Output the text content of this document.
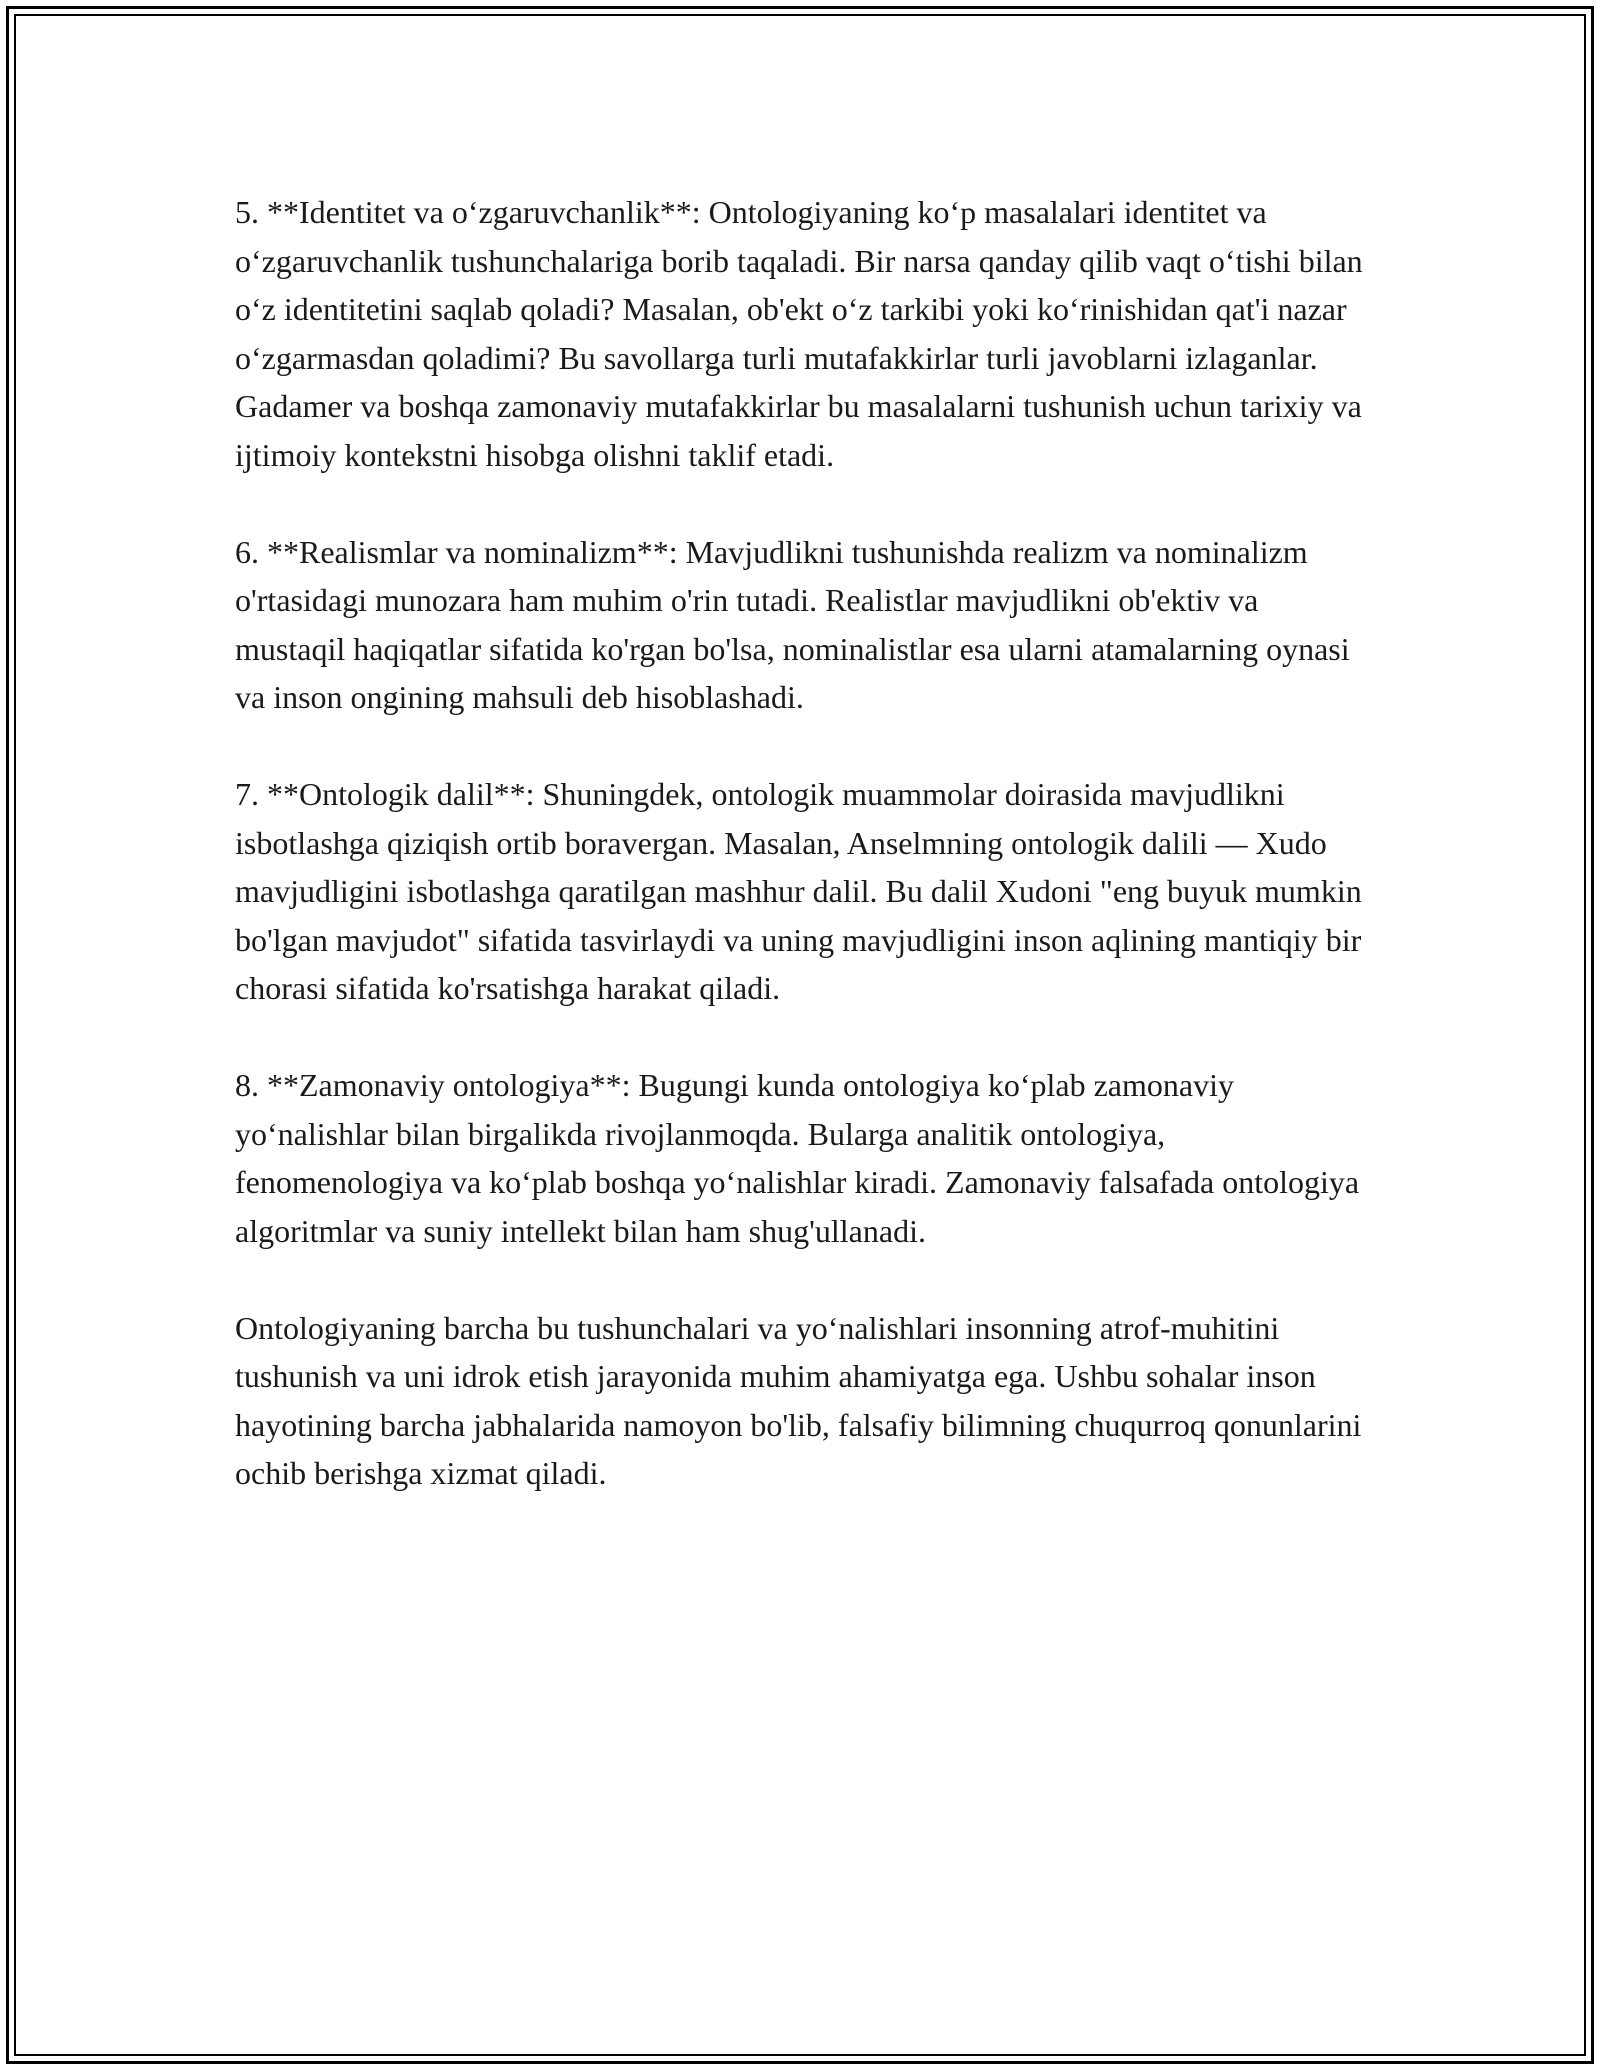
5. **Identitet va o‘zgaruvchanlik**: Ontologiyaning ko‘p masalalari identitet va o‘zgaruvchanlik tushunchalariga borib taqaladi. Bir narsa qanday qilib vaqt o‘tishi bilan o‘z identitetini saqlab qoladi? Masalan, ob'ekt o‘z tarkibi yoki ko‘rinishidan qat'i nazar o‘zgarmasdan qoladimi? Bu savollarga turli mutafakkirlar turli javoblarni izlaganlar. Gadamer va boshqa zamonaviy mutafakkirlar bu masalalarni tushunish uchun tarixiy va ijtimoiy kontekstni hisobga olishni taklif etadi.

6. **Realismlar va nominalizm**: Mavjudlikni tushunishda realizm va nominalizm o'rtasidagi munozara ham muhim o'rin tutadi. Realistlar mavjudlikni ob'ektiv va mustaqil haqiqatlar sifatida ko'rgan bo'lsa, nominalistlar esa ularni atamalarning oynasi va inson ongining mahsuli deb hisoblashadi.

7. **Ontologik dalil**: Shuningdek, ontologik muammolar doirasida mavjudlikni isbotlashga qiziqish ortib boravergan. Masalan, Anselmning ontologik dalili — Xudo mavjudligini isbotlashga qaratilgan mashhur dalil. Bu dalil Xudoni "eng buyuk mumkin bo'lgan mavjudot" sifatida tasvirlaydi va uning mavjudligini inson aqlining mantiqiy bir chorasi sifatida ko'rsatishga harakat qiladi.

8. **Zamonaviy ontologiya**: Bugungi kunda ontologiya ko‘plab zamonaviy yo‘nalishlar bilan birgalikda rivojlanmoqda. Bularga analitik ontologiya, fenomenologiya va ko‘plab boshqa yo‘nalishlar kiradi. Zamonaviy falsafada ontologiya algoritmlar va suniy intellekt bilan ham shug'ullanadi.

Ontologiyaning barcha bu tushunchalari va yo‘nalishlari insonning atrof-muhitini tushunish va uni idrok etish jarayonida muhim ahamiyatga ega. Ushbu sohalar inson hayotining barcha jabhalarida namoyon bo'lib, falsafiy bilimning chuqurroq qonunlarini ochib berishga xizmat qiladi.
